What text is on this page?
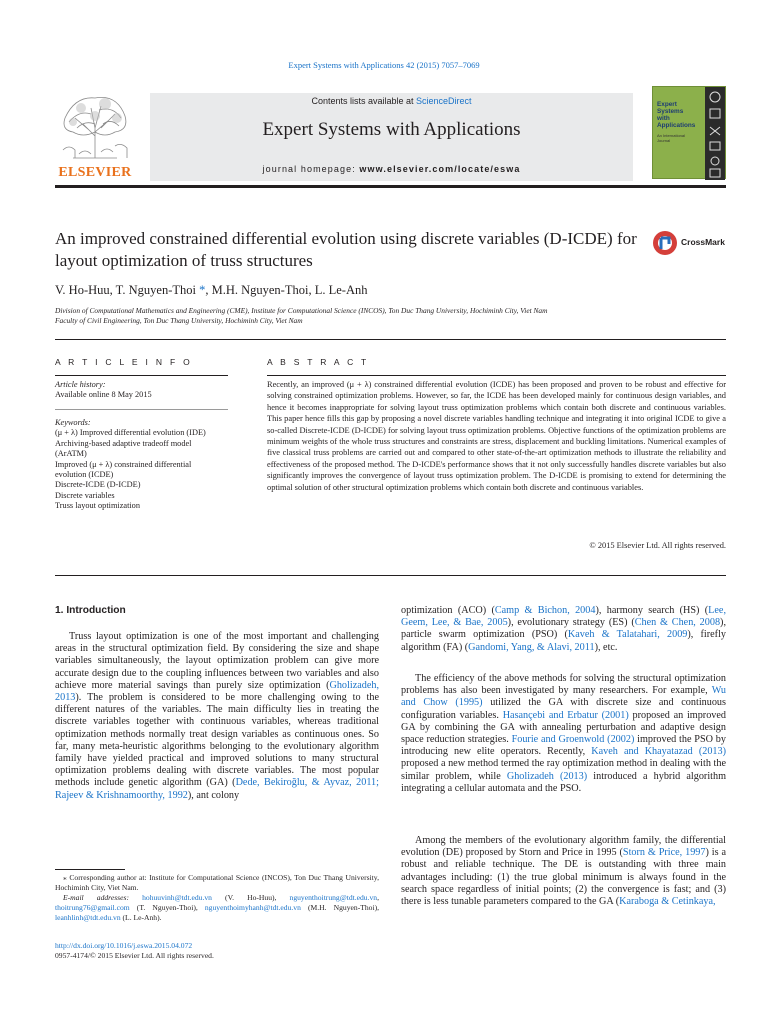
Expert Systems with Applications 42 (2015) 7057–7069
ELSEVIER
Contents lists available at ScienceDirect
Expert Systems with Applications
journal homepage: www.elsevier.com/locate/eswa
Expert
Systems
with
Applications
An International
Journal
An improved constrained differential evolution using discrete variables (D-ICDE) for layout optimization of truss structures
CrossMark
V. Ho-Huu, T. Nguyen-Thoi *, M.H. Nguyen-Thoi, L. Le-Anh
Division of Computational Mathematics and Engineering (CME), Institute for Computational Science (INCOS), Ton Duc Thang University, Hochiminh City, Viet Nam
Faculty of Civil Engineering, Ton Duc Thang University, Hochiminh City, Viet Nam
A R T I C L E I N F O
Article history:
Available online 8 May 2015
Keywords:
(μ + λ) Improved differential evolution (IDE)
Archiving-based adaptive tradeoff model
(ArATM)
Improved (μ + λ) constrained differential
evolution (ICDE)
Discrete-ICDE (D-ICDE)
Discrete variables
Truss layout optimization
A B S T R A C T
Recently, an improved (μ + λ) constrained differential evolution (ICDE) has been proposed and proven to be robust and effective for solving constrained optimization problems. However, so far, the ICDE has been developed mainly for continuous design variables, and hence it becomes inappropriate for solving layout truss optimization problems which contain both discrete and continuous variables. This paper hence fills this gap by proposing a novel discrete variables handling technique and integrating it into original ICDE to give a so-called Discrete-ICDE (D-ICDE) for solving layout truss optimization problems. Objective functions of the optimization problems are minimum weights of the whole truss structures and constraints are stress, displacement and buckling limitations. Numerical examples of five classical truss problems are carried out and compared to other state-of-the-art optimization methods to illustrate the reliability and effectiveness of the proposed method. The D-ICDE's performance shows that it not only successfully handles discrete variables but also significantly improves the convergence of layout truss optimization problem. The D-ICDE is promising to extend for determining the optimal solution of other structural optimization problems which contain both discrete and continuous variables.
© 2015 Elsevier Ltd. All rights reserved.
1. Introduction
Truss layout optimization is one of the most important and challenging areas in the structural optimization field. By considering the size and shape variables simultaneously, the layout optimization problem can give more accurate design due to the coupling influences between two variables and also achieve more material savings than purely size optimization (Gholizadeh, 2013). The problem is considered to be more challenging owing to the different natures of the variables. The main difficulty lies in treating the discrete variables together with continuous variables, whereas traditional optimization methods normally treat design variables as continuous ones. So far, many meta-heuristic algorithms belonging to the evolutionary algorithm family have yielded practical and improved solutions to many structural optimization problems dealing with discrete variables. The most popular methods include genetic algorithm (GA) (Dede, Bekiroğlu, & Ayvaz, 2011; Rajeev & Krishnamoorthy, 1992), ant colony
⁎ Corresponding author at: Institute for Computational Science (INCOS), Ton Duc Thang University, Hochiminh City, Viet Nam.
E-mail addresses: hohuuvinh@tdt.edu.vn (V. Ho-Huu), nguyenthoitrung@tdt.edu.vn, thoitrung76@gmail.com (T. Nguyen-Thoi), nguyenthoimyhanh@tdt.edu.vn (M.H. Nguyen-Thoi), leanhlinh@tdt.edu.vn (L. Le-Anh).
http://dx.doi.org/10.1016/j.eswa.2015.04.072
0957-4174/© 2015 Elsevier Ltd. All rights reserved.
optimization (ACO) (Camp & Bichon, 2004), harmony search (HS) (Lee, Geem, Lee, & Bae, 2005), evolutionary strategy (ES) (Chen & Chen, 2008), particle swarm optimization (PSO) (Kaveh & Talatahari, 2009), firefly algorithm (FA) (Gandomi, Yang, & Alavi, 2011), etc.
The efficiency of the above methods for solving the structural optimization problems has also been investigated by many researchers. For example, Wu and Chow (1995) utilized the GA with discrete size and continuous configuration variables. Hasançebi and Erbatur (2001) proposed an improved GA by combining the GA with annealing perturbation and adaptive design space reduction strategies. Fourie and Groenwold (2002) improved the PSO by introducing new elite operators. Recently, Kaveh and Khayatazad (2013) proposed a new method termed the ray optimization method in dealing with the similar problem, while Gholizadeh (2013) introduced a hybrid algorithm integrating a cellular automata and the PSO.
Among the members of the evolutionary algorithm family, the differential evolution (DE) proposed by Storn and Price in 1995 (Storn & Price, 1997) is a robust and reliable technique. The DE is outstanding with three main advantages including: (1) the true global minimum is always found in the search space regardless of initial points; (2) the convergence is fast; and (3) there is less tunable parameters compared to the GA (Karaboga & Cetinkaya,
